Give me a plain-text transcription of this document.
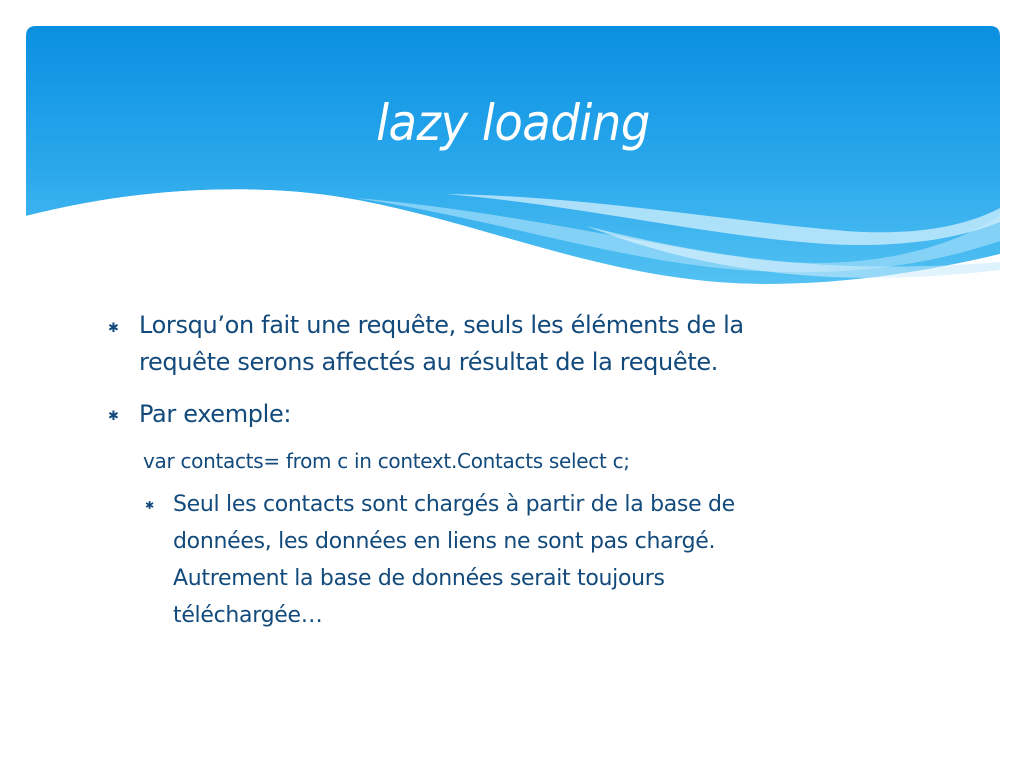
lazy loading
✱ Lorsqu’on fait une requête, seuls les éléments de la
requête serons affectés au résultat de la requête.

✱ Par exemple:

var contacts= from c in context.Contacts select c;

✱ Seul les contacts sont chargés à partir de la base de
données, les données en liens ne sont pas chargé.
Autrement la base de données serait toujours
téléchargée…
